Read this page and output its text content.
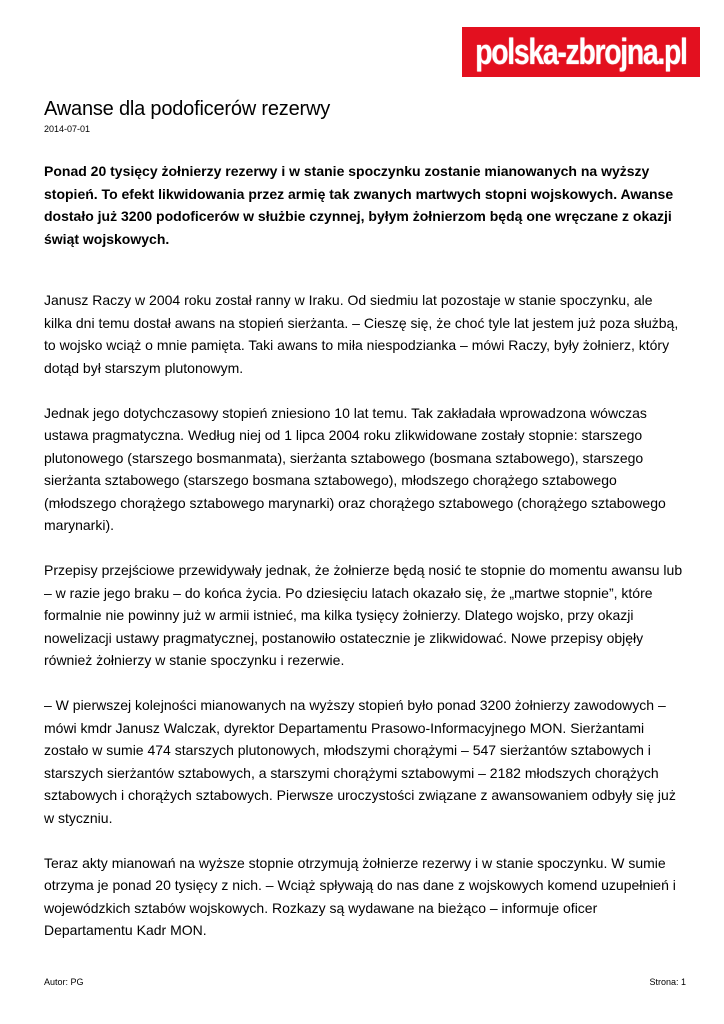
polska-zbrojna.pl
Awanse dla podoficerów rezerwy
2014-07-01

Ponad 20 tysięcy żołnierzy rezerwy i w stanie spoczynku zostanie mianowanych na wyższy stopień. To efekt likwidowania przez armię tak zwanych martwych stopni wojskowych. Awanse dostało już 3200 podoficerów w służbie czynnej, byłym żołnierzom będą one wręczane z okazji świąt wojskowych.

Janusz Raczy w 2004 roku został ranny w Iraku. Od siedmiu lat pozostaje w stanie spoczynku, ale kilka dni temu dostał awans na stopień sierżanta. – Cieszę się, że choć tyle lat jestem już poza służbą, to wojsko wciąż o mnie pamięta. Taki awans to miła niespodzianka – mówi Raczy, były żołnierz, który dotąd był starszym plutonowym.

Jednak jego dotychczasowy stopień zniesiono 10 lat temu. Tak zakładała wprowadzona wówczas ustawa pragmatyczna. Według niej od 1 lipca 2004 roku zlikwidowane zostały stopnie: starszego plutonowego (starszego bosmanmata), sierżanta sztabowego (bosmana sztabowego), starszego sierżanta sztabowego (starszego bosmana sztabowego), młodszego chorążego sztabowego (młodszego chorążego sztabowego marynarki) oraz chorążego sztabowego (chorążego sztabowego marynarki).

Przepisy przejściowe przewidywały jednak, że żołnierze będą nosić te stopnie do momentu awansu lub – w razie jego braku – do końca życia. Po dziesięciu latach okazało się, że „martwe stopnie”, które formalnie nie powinny już w armii istnieć, ma kilka tysięcy żołnierzy. Dlatego wojsko, przy okazji nowelizacji ustawy pragmatycznej, postanowiło ostatecznie je zlikwidować. Nowe przepisy objęły również żołnierzy w stanie spoczynku i rezerwie.

– W pierwszej kolejności mianowanych na wyższy stopień było ponad 3200 żołnierzy zawodowych – mówi kmdr Janusz Walczak, dyrektor Departamentu Prasowo-Informacyjnego MON. Sierżantami zostało w sumie 474 starszych plutonowych, młodszymi chorążymi – 547 sierżantów sztabowych i starszych sierżantów sztabowych, a starszymi chorążymi sztabowymi – 2182 młodszych chorążych sztabowych i chorążych sztabowych. Pierwsze uroczystości związane z awansowaniem odbyły się już w styczniu.

Teraz akty mianowań na wyższe stopnie otrzymują żołnierze rezerwy i w stanie spoczynku. W sumie otrzyma je ponad 20 tysięcy z nich. – Wciąż spływają do nas dane z wojskowych komend uzupełnień i wojewódzkich sztabów wojskowych. Rozkazy są wydawane na bieżąco – informuje oficer Departamentu Kadr MON.

Autor: PG	Strona: 1
